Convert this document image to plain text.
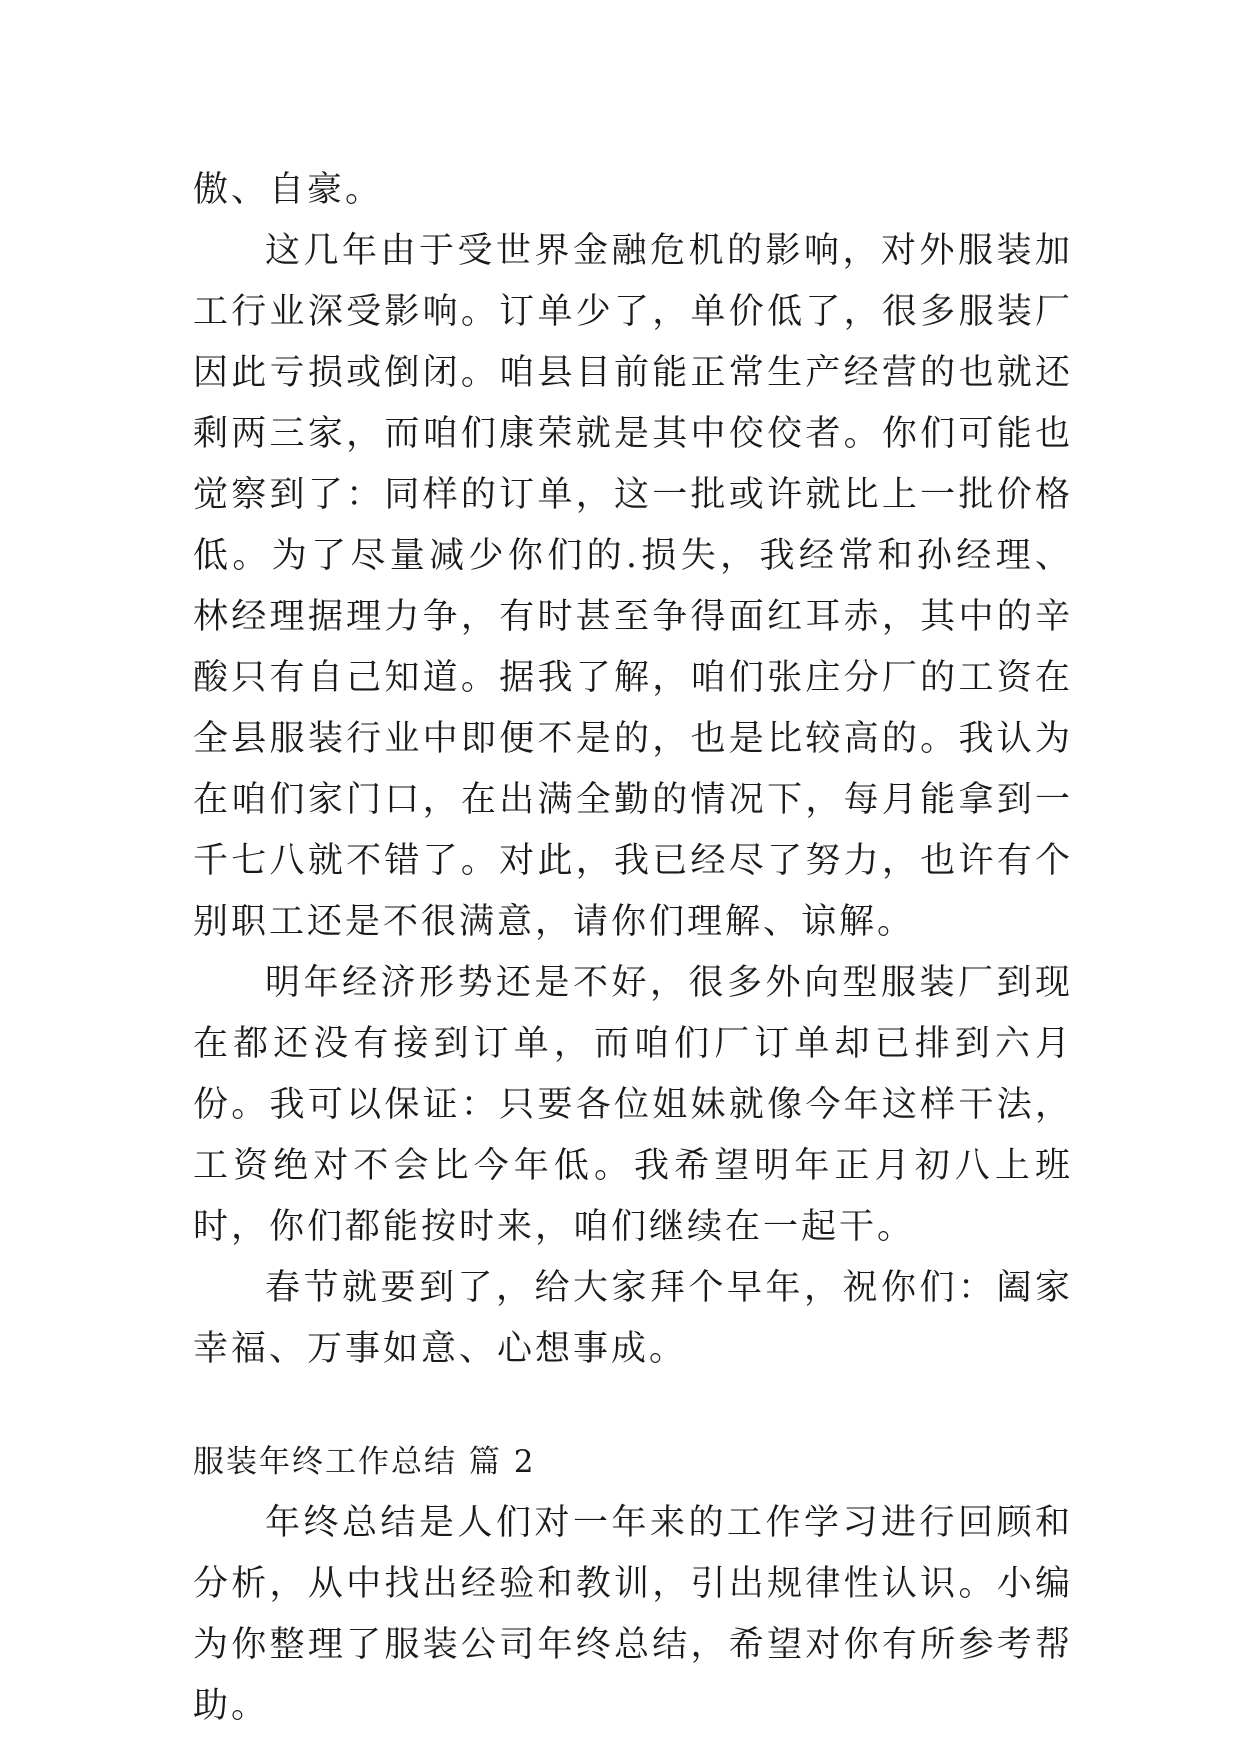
傲、自豪。

这几年由于受世界金融危机的影响，对外服装加工行业深受影响。订单少了，单价低了，很多服装厂因此亏损或倒闭。咱县目前能正常生产经营的也就还剩两三家，而咱们康荣就是其中佼佼者。你们可能也觉察到了：同样的订单，这一批或许就比上一批价格低。为了尽量减少你们的.损失，我经常和孙经理、林经理据理力争，有时甚至争得面红耳赤，其中的辛酸只有自己知道。据我了解，咱们张庄分厂的工资在全县服装行业中即便不是的，也是比较高的。我认为在咱们家门口，在出满全勤的情况下，每月能拿到一千七八就不错了。对此，我已经尽了努力，也许有个别职工还是不很满意，请你们理解、谅解。

明年经济形势还是不好，很多外向型服装厂到现在都还没有接到订单，而咱们厂订单却已排到六月份。我可以保证：只要各位姐妹就像今年这样干法，工资绝对不会比今年低。我希望明年正月初八上班时，你们都能按时来，咱们继续在一起干。

春节就要到了，给大家拜个早年，祝你们：阖家幸福、万事如意、心想事成。

服装年终工作总结 篇 2

年终总结是人们对一年来的工作学习进行回顾和分析，从中找出经验和教训，引出规律性认识。小编为你整理了服装公司年终总结，希望对你有所参考帮助。
